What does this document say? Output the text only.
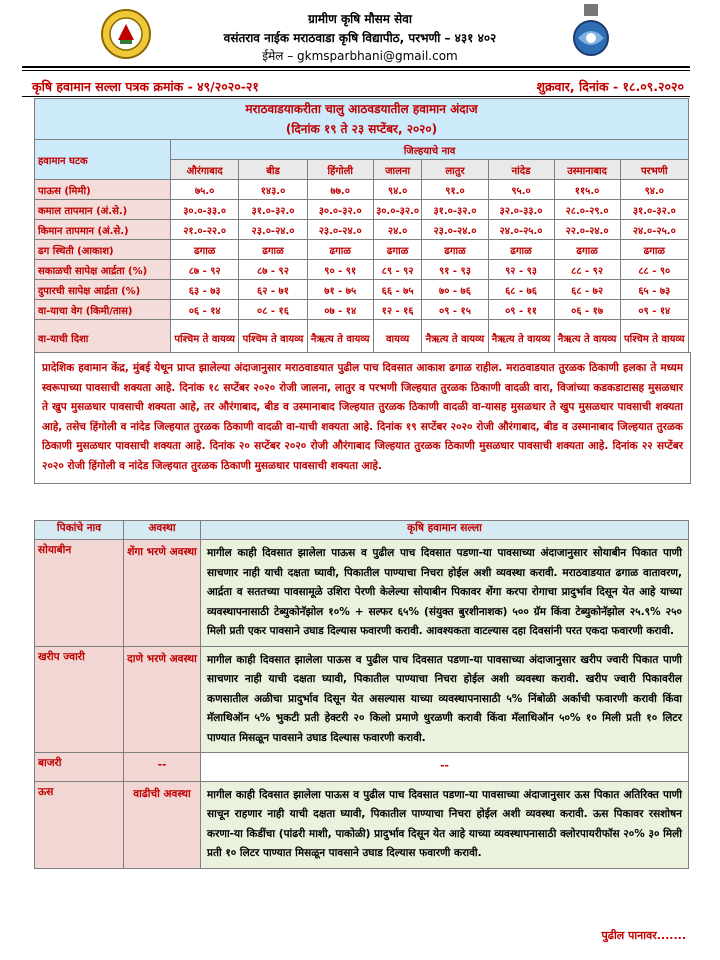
ग्रामीण कृषि मौसम सेवा
वसंतराव नाईक मराठवाडा कृषि विद्यापीठ, परभणी – ४३१ ४०२
ईमेल – gkmsparbhani@gmail.com
कृषि हवामान सल्ला पत्रक क्रमांक - ४९/२०२०-२१	शुक्रवार, दिनांक - १८.०९.२०२०
मराठवाडयाकरीता चालु आठवडयातील हवामान अंदाज
(दिनांक १९ ते २३ सप्टेंबर, २०२०)								

हवामान घटक	जिल्हयाचे नाव							
	औरंगाबाद	बीड	हिंगोली	जालना	लातुर	नांदेड	उस्मानाबाद	परभणी
पाऊस (मिमी)	७५.०	१४३.०	७७.०	९४.०	९१.०	९५.०	११५.०	९४.०
कमाल तापमान (अं.से.)	३०.०-३३.०	३१.०-३२.०	३०.०-३२.०	३०.०-३२.०	३१.०-३२.०	३२.०-३३.०	२८.०-२९.०	३१.०-३२.०
किमान तापमान (अं.से.)	२१.०-२२.०	२३.०-२४.०	२३.०-२४.०	२४.०	२३.०-२४.०	२४.०-२५.०	२२.०-२४.०	२४.०-२५.०
ढग स्थिती (आकाश)	ढगाळ	ढगाळ	ढगाळ	ढगाळ	ढगाळ	ढगाळ	ढगाळ	ढगाळ
सकाळची सापेक्ष आर्द्रता (%)	८७ - ९२	८७ - ९२	९० - ९१	८९ - ९२	९१ - ९३	९२ - ९३	८८ - ९२	८८ - ९०
दुपारची सापेक्ष आर्द्रता (%)	६३ - ७३	६२ - ७१	७१ - ७५	६६ - ७५	७० - ७६	६८ - ७६	६८ - ७२	६५ - ७३
वा-याचा वेग (किमी/तास)	०६ - १४	०८ - १६	०७ - १४	१२ - १६	०९ - १५	०९ - ११	०६ - १७	०९ - १४
वा-याची दिशा	पश्चिम ते वायव्य	पश्चिम ते वायव्य	नैऋत्य ते वायव्य	वायव्य	नैऋत्य ते वायव्य	नैऋत्य ते वायव्य	नैऋत्य ते वायव्य	पश्चिम ते वायव्य
प्रादेशिक हवामान केंद्र, मुंबई येथून प्राप्त झालेल्या अंदाजानुसार मराठवाडयात पुढील पाच दिवसात आकाश ढगाळ राहील. मराठवाडयात तुरळक ठिकाणी हलका ते मध्यम स्वरूपाच्या पावसाची शक्यता आहे. दिनांक १८ सप्टेंबर २०२० रोजी जालना, लातुर व परभणी जिल्हयात तुरळक ठिकाणी वादळी वारा, विजांच्या कडकडाटासह मुसळधार ते खुप मुसळधार पावसाची शक्यता आहे, तर औरंगाबाद, बीड व उस्मानाबाद जिल्हयात तुरळक ठिकाणी वादळी वा-यासह मुसळधार ते खुप मुसळधार पावसाची शक्यता आहे, तसेच हिंगोली व नांदेड जिल्हयात तुरळक ठिकाणी वादळी वा-याची शक्यता आहे. दिनांक १९ सप्टेंबर २०२० रोजी औरंगाबाद, बीड व उस्मानाबाद जिल्हयात तुरळक ठिकाणी मुसळधार पावसाची शक्यता आहे. दिनांक २० सप्टेंबर २०२० रोजी औरंगाबाद जिल्हयात तुरळक ठिकाणी मुसळधार पावसाची शक्यता आहे. दिनांक २२ सप्टेंबर २०२० रोजी हिंगोली व नांदेड जिल्हयात तुरळक ठिकाणी मुसळधार पावसाची शक्यता आहे.
पिकांचे नाव	अवस्था	कृषि हवामान सल्ला
सोयाबीन	शेंगा भरणे अवस्था	मागील काही दिवसात झालेला पाऊस व पुढील पाच दिवसात पडणा-या पावसाच्या अंदाजानुसार सोयाबीन पिकात पाणी साचणार नाही याची दक्षता घ्यावी, पिकातील पाण्याचा निचरा होईल अशी व्यवस्था करावी. मराठवाडयात ढगाळ वातावरण, आर्द्रता व सततच्या पावसामूळे उशिरा पेरणी केलेल्या सोयाबीन पिकावर शेंगा करपा रोगाचा प्रादुर्भाव दिसून येत आहे याच्या व्यवस्थापनासाठी टेब्युकोनॅझोल १०% + सल्फर ६५% (संयुक्त बुरशीनाशक) ५०० ग्रॅम किंवा टेब्युकोनॅझोल २५.९% २५० मिली प्रती एकर पावसाने उघाड दिल्यास फवारणी करावी. आवश्यकता वाटल्यास दहा दिवसांनी परत एकदा फवारणी करावी.
खरीप ज्वारी	दाणे भरणे अवस्था	मागील काही दिवसात झालेला पाऊस व पुढील पाच दिवसात पडणा-या पावसाच्या अंदाजानुसार खरीप ज्वारी पिकात पाणी साचणार नाही याची दक्षता घ्यावी, पिकातील पाण्याचा निचरा होईल अशी व्यवस्था करावी. खरीप ज्वारी पिकावरील कणसातील अळीचा प्रादुर्भाव दिसून येत असल्यास याच्या व्यवस्थापनासाठी ५% निंबोळी अर्काची फवारणी करावी किंवा मॅलाथिऑन ५% भुकटी प्रती हेक्टरी २० किलो प्रमाणे धुरळणी करावी किंवा मॅलाथिऑन ५०% १० मिली प्रती १० लिटर पाण्यात मिसळून पावसाने उघाड दिल्यास फवारणी करावी.
बाजरी	--	--
ऊस	वाढीची अवस्था	मागील काही दिवसात झालेला पाऊस व पुढील पाच दिवसात पडणा-या पावसाच्या अंदाजानुसार ऊस पिकात अतिरिक्त पाणी साचून राहणार नाही याची दक्षता घ्यावी, पिकातील पाण्याचा निचरा होईल अशी व्यवस्था करावी. ऊस पिकावर रसशोषन करणा-या किडींचा (पांढरी माशी, पाकोळी) प्रादुर्भाव दिसून येत आहे याच्या व्यवस्थापनासाठी क्लोरपायरीफॉस २०% ३० मिली प्रती १० लिटर पाण्यात मिसळून पावसाने उघाड दिल्यास फवारणी करावी.
पुढील पानावर.......
